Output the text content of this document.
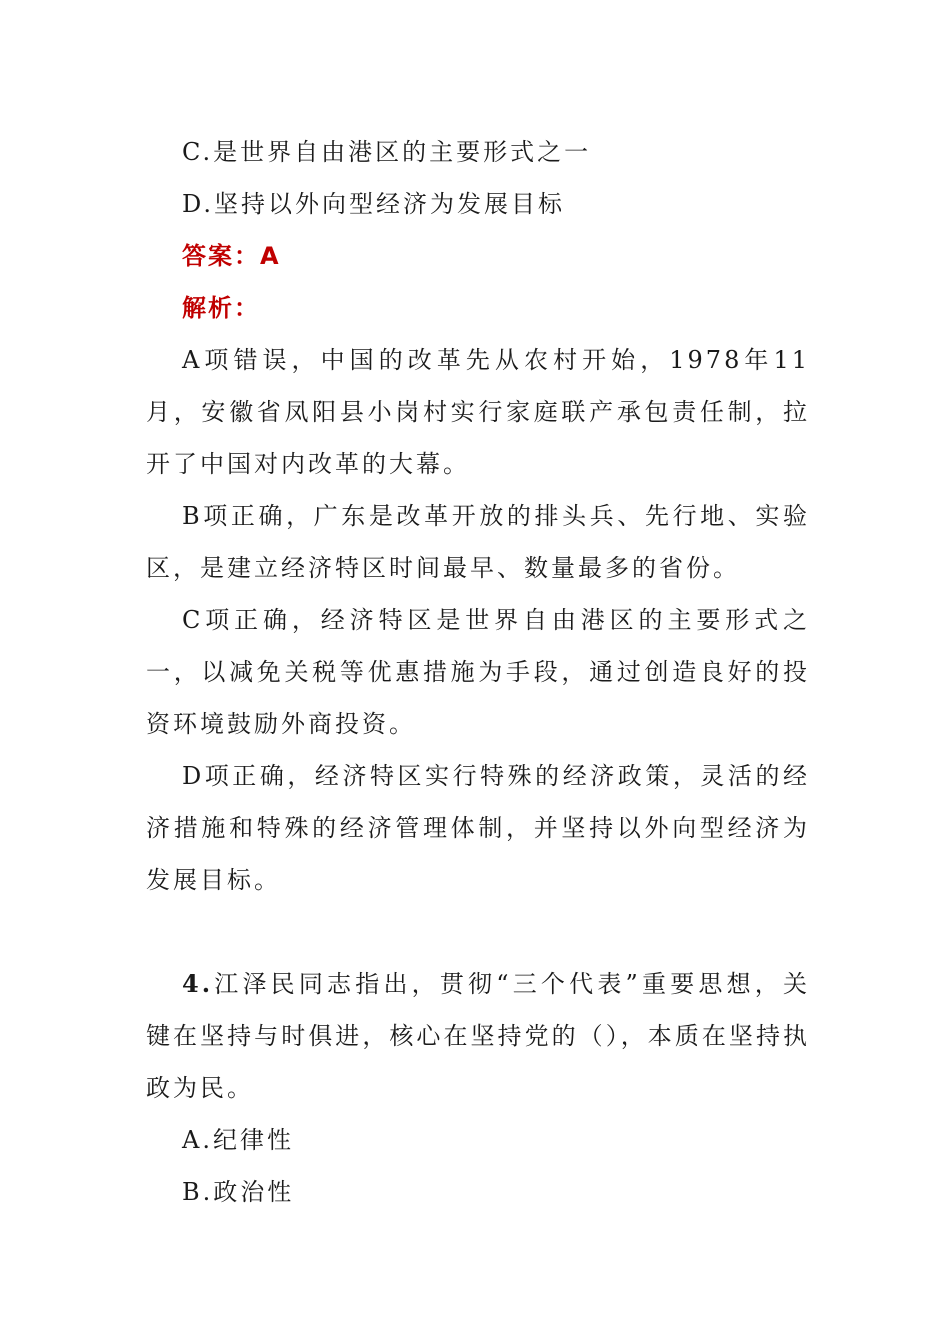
C.是世界自由港区的主要形式之一
D.坚持以外向型经济为发展目标
答案：A
解析：

A项错误，中国的改革先从农村开始，1978年11月，安徽省凤阳县小岗村实行家庭联产承包责任制，拉开了中国对内改革的大幕。

B项正确，广东是改革开放的排头兵、先行地、实验区，是建立经济特区时间最早、数量最多的省份。

C项正确，经济特区是世界自由港区的主要形式之一，以减免关税等优惠措施为手段，通过创造良好的投资环境鼓励外商投资。

D项正确，经济特区实行特殊的经济政策，灵活的经济措施和特殊的经济管理体制，并坚持以外向型经济为发展目标。

4.江泽民同志指出，贯彻“三个代表”重要思想，关键在坚持与时俱进，核心在坚持党的（），本质在坚持执政为民。

A.纪律性
B.政治性
